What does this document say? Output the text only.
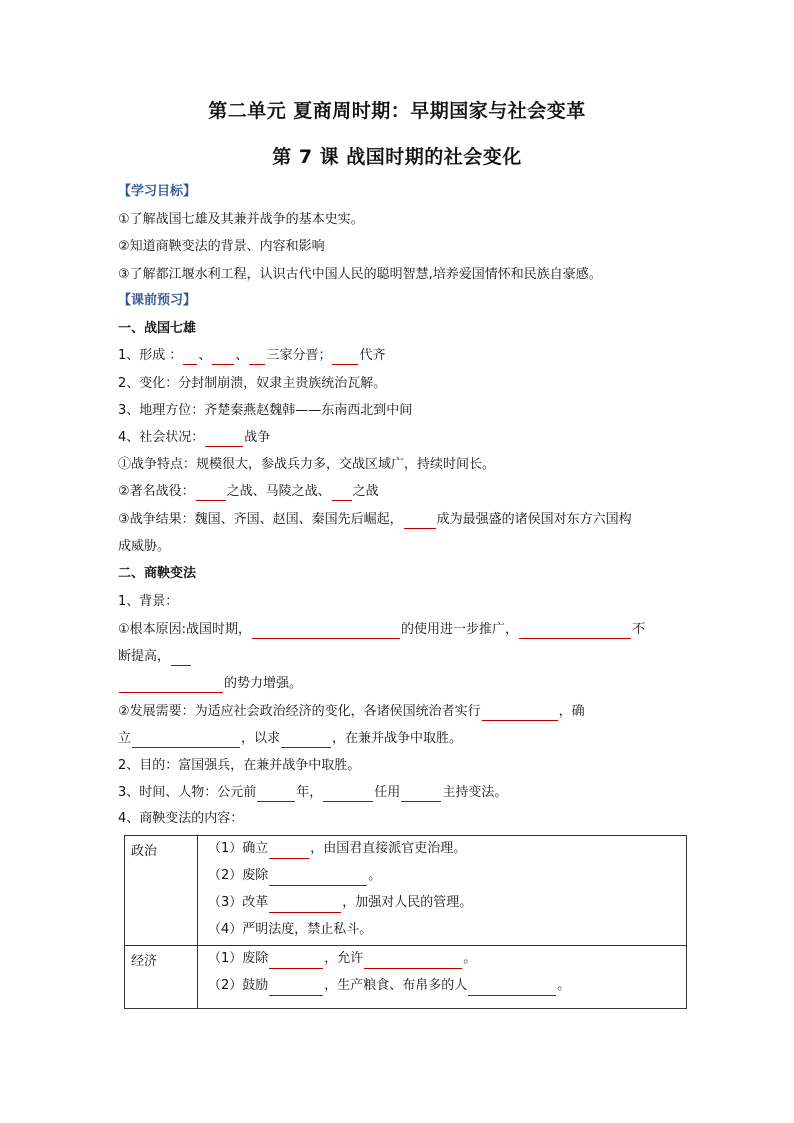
第二单元 夏商周时期：早期国家与社会变革
第 7 课 战国时期的社会变化
【学习目标】
①了解战国七雄及其兼并战争的基本史实。
②知道商鞅变法的背景、内容和影响
③了解都江堰水利工程，认识古代中国人民的聪明智慧,培养爱国情怀和民族自豪感。
【课前预习】
一、战国七雄
1、形成 ： 、 、 三家分晋； 代齐
2、变化：分封制崩溃，奴隶主贵族统治瓦解。
3、地理方位：齐楚秦燕赵魏韩——东南西北到中间
4、社会状况：	战争
①战争特点：规模很大，参战兵力多，交战区域广，持续时间长。
②著名战役： 之战、马陵之战、 之战
③战争结果：魏国、齐国、赵国、秦国先后崛起，	成为最强盛的诸侯国对东方六国构
成威胁。
二、商鞅变法
1、背景：
①根本原因:战国时期，	的使用进一步推广，	不
断提高，
的势力增强。
②发展需要：为适应社会政治经济的变化，各诸侯国统治者实行	，确
立	，以求	，在兼并战争中取胜。
2、目的：富国强兵，在兼并战争中取胜。
3、时间、人物：公元前	年，	任用	主持变法。
4、商鞅变法的内容：
政治	（1）确立 ，由国君直接派官吏治理。
（2）废除 。
（3）改革 ，加强对人民的管理。
（4）严明法度，禁止私斗。

经济	（1）废除 ，允许 。
（2）鼓励 ，生产粮食、布帛多的人 。
